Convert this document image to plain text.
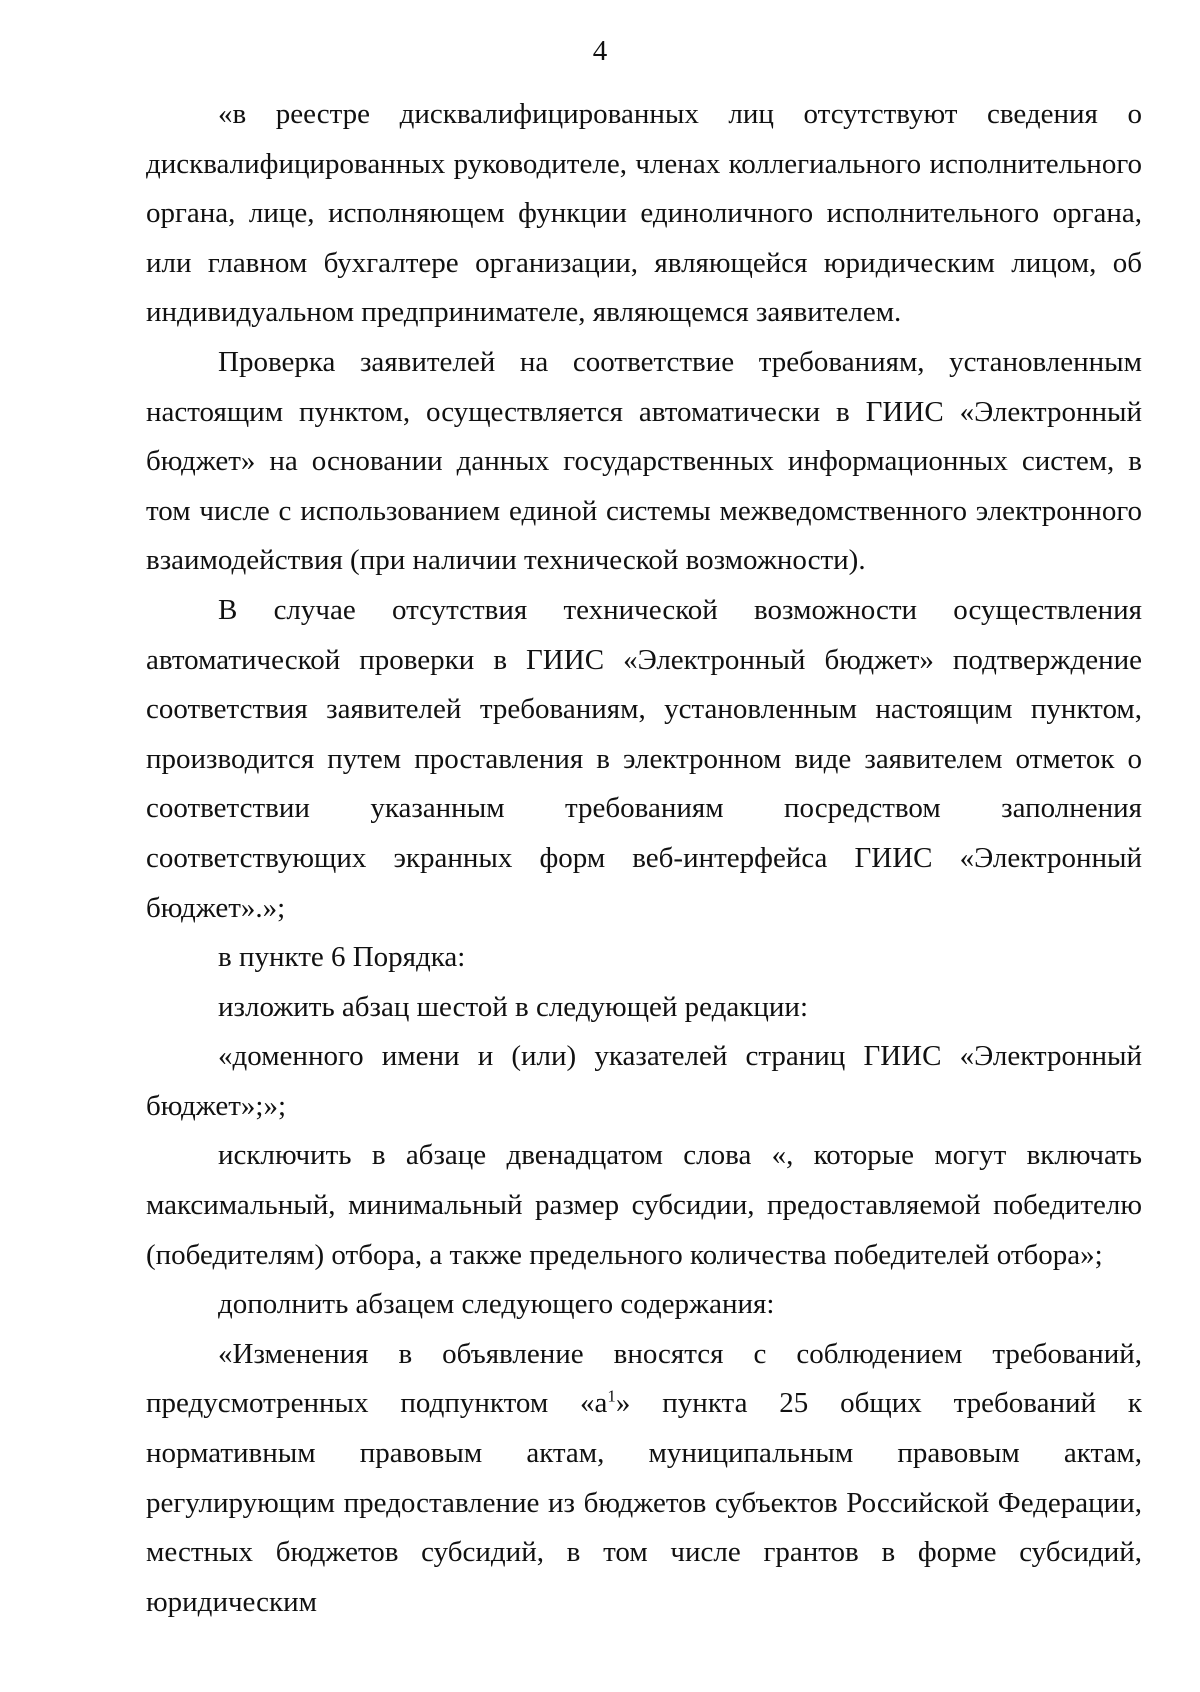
4

«в реестре дисквалифицированных лиц отсутствуют сведения о дисквалифицированных руководителе, членах коллегиального исполнительного органа, лице, исполняющем функции единоличного исполнительного органа, или главном бухгалтере организации, являющейся юридическим лицом, об индивидуальном предпринимателе, являющемся заявителем.

Проверка заявителей на соответствие требованиям, установленным настоящим пунктом, осуществляется автоматически в ГИИС «Электронный бюджет» на основании данных государственных информационных систем, в том числе с использованием единой системы межведомственного электронного взаимодействия (при наличии технической возможности).

В случае отсутствия технической возможности осуществления автоматической проверки в ГИИС «Электронный бюджет» подтверждение соответствия заявителей требованиям, установленным настоящим пунктом, производится путем проставления в электронном виде заявителем отметок о соответствии указанным требованиям посредством заполнения соответствующих экранных форм веб-интерфейса ГИИС «Электронный бюджет».»;

в пункте 6 Порядка:

изложить абзац шестой в следующей редакции:

«доменного имени и (или) указателей страниц ГИИС «Электронный бюджет»;»;

исключить в абзаце двенадцатом слова «, которые могут включать максимальный, минимальный размер субсидии, предоставляемой победителю (победителям) отбора, а также предельного количества победителей отбора»;

дополнить абзацем следующего содержания:

«Изменения в объявление вносятся с соблюдением требований, предусмотренных подпунктом «$а^1$» пункта 25 общих требований к нормативным правовым актам, муниципальным правовым актам, регулирующим предоставление из бюджетов субъектов Российской Федерации, местных бюджетов субсидий, в том числе грантов в форме субсидий, юридическим
